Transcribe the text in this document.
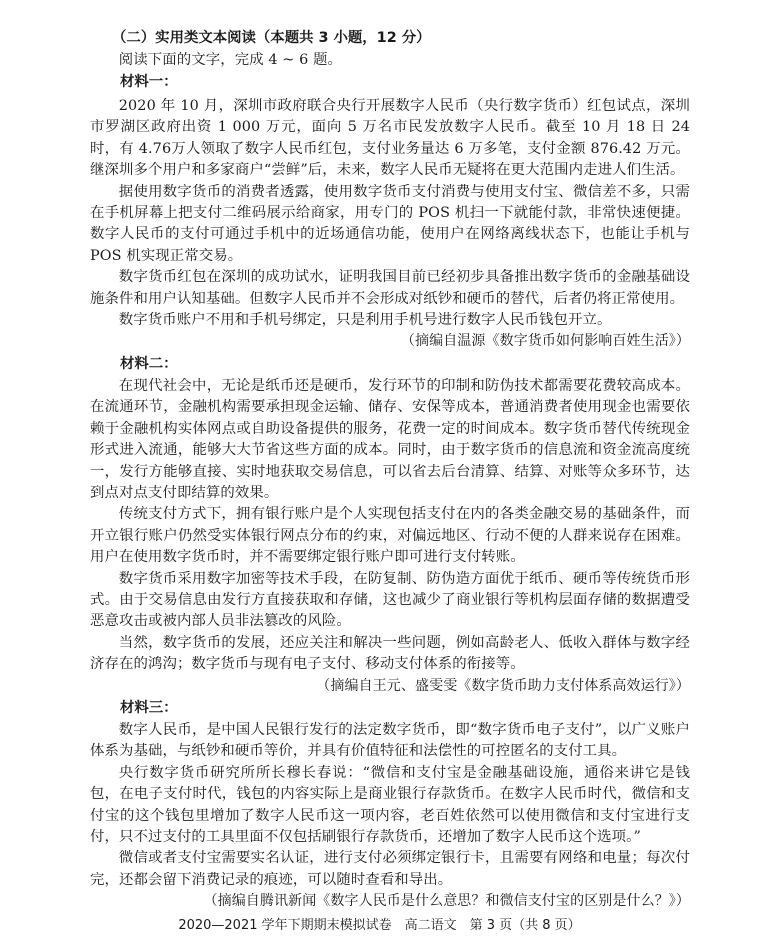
（二）实用类文本阅读（本题共 3 小题，12 分）

阅读下面的文字，完成 4 ~ 6 题。

材料一：

2020 年 10 月，深圳市政府联合央行开展数字人民币（央行数字货币）红包试点，深圳市罗湖区政府出资 1 000 万元，面向 5 万名市民发放数字人民币。截至 10 月 18 日 24 时，有 4.76万人领取了数字人民币红包，支付业务量达 6 万多笔，支付金额 876.42 万元。继深圳多个用户和多家商户“尝鲜”后，未来，数字人民币无疑将在更大范围内走进人们生活。

据使用数字货币的消费者透露，使用数字货币支付消费与使用支付宝、微信差不多，只需在手机屏幕上把支付二维码展示给商家，用专门的 POS 机扫一下就能付款，非常快速便捷。数字人民币的支付可通过手机中的近场通信功能，使用户在网络离线状态下，也能让手机与 POS 机实现正常交易。

数字货币红包在深圳的成功试水，证明我国目前已经初步具备推出数字货币的金融基础设施条件和用户认知基础。但数字人民币并不会形成对纸钞和硬币的替代，后者仍将正常使用。

数字货币账户不用和手机号绑定，只是利用手机号进行数字人民币钱包开立。

（摘编自温源《数字货币如何影响百姓生活》）

材料二：

在现代社会中，无论是纸币还是硬币，发行环节的印制和防伪技术都需要花费较高成本。在流通环节，金融机构需要承担现金运输、储存、安保等成本，普通消费者使用现金也需要依赖于金融机构实体网点或自助设备提供的服务，花费一定的时间成本。数字货币替代传统现金形式进入流通，能够大大节省这些方面的成本。同时，由于数字货币的信息流和资金流高度统一，发行方能够直接、实时地获取交易信息，可以省去后台清算、结算、对账等众多环节，达到点对点支付即结算的效果。

传统支付方式下，拥有银行账户是个人实现包括支付在内的各类金融交易的基础条件，而开立银行账户仍然受实体银行网点分布的约束，对偏远地区、行动不便的人群来说存在困难。用户在使用数字货币时，并不需要绑定银行账户即可进行支付转账。

数字货币采用数字加密等技术手段，在防复制、防伪造方面优于纸币、硬币等传统货币形式。由于交易信息由发行方直接获取和存储，这也减少了商业银行等机构层面存储的数据遭受恶意攻击或被内部人员非法篡改的风险。

当然，数字货币的发展，还应关注和解决一些问题，例如高龄老人、低收入群体与数字经济存在的鸿沟；数字货币与现有电子支付、移动支付体系的衔接等。

（摘编自王元、盛雯雯《数字货币助力支付体系高效运行》）

材料三：

数字人民币，是中国人民银行发行的法定数字货币，即“数字货币电子支付”，以广义账户体系为基础，与纸钞和硬币等价，并具有价值特征和法偿性的可控匿名的支付工具。

央行数字货币研究所所长穆长春说：“微信和支付宝是金融基础设施，通俗来讲它是钱包，在电子支付时代，钱包的内容实际上是商业银行存款货币。在数字人民币时代，微信和支付宝的这个钱包里增加了数字人民币这一项内容，老百姓依然可以使用微信和支付宝进行支付，只不过支付的工具里面不仅包括刷银行存款货币，还增加了数字人民币这个选项。”

微信或者支付宝需要实名认证，进行支付必须绑定银行卡，且需要有网络和电量；每次付完，还都会留下消费记录的痕迹，可以随时查看和导出。

（摘编自腾讯新闻《数字人民币是什么意思？和微信支付宝的区别是什么？》）

2020—2021 学年下期期末模拟试卷　高二语文　第 3 页（共 8 页）
